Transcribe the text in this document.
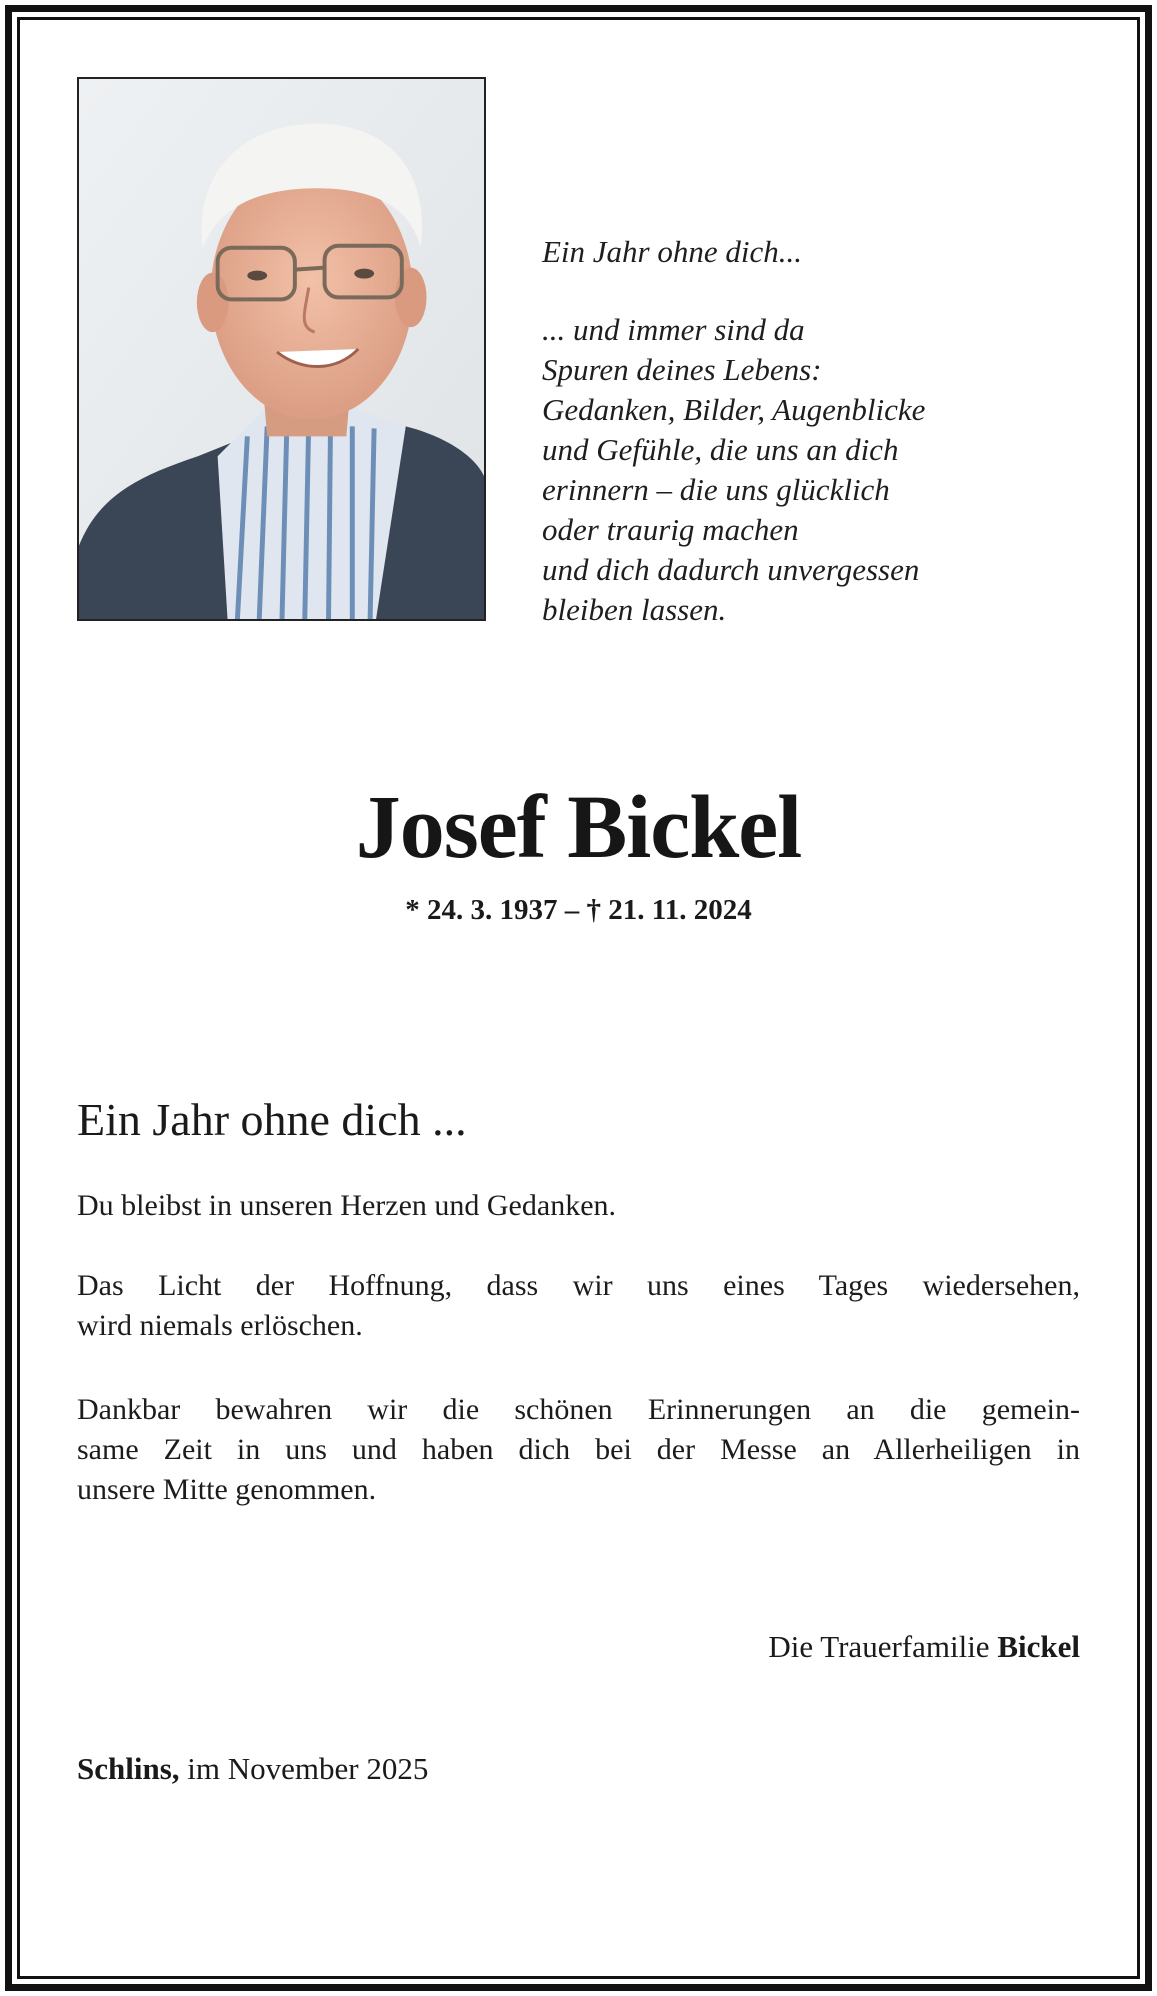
Ein Jahr ohne dich...
... und immer sind da
Spuren deines Lebens:
Gedanken, Bilder, Augenblicke
und Gefühle, die uns an dich
erinnern – die uns glücklich
oder traurig machen
und dich dadurch unvergessen
bleiben lassen.
Josef Bickel
* 24. 3. 1937 – † 21. 11. 2024
Ein Jahr ohne dich ...
Du bleibst in unseren Herzen und Gedanken.
Das Licht der Hoffnung, dass wir uns eines Tages wiedersehen,
wird niemals erlöschen.
Dankbar bewahren wir die schönen Erinnerungen an die gemein-
same Zeit in uns und haben dich bei der Messe an Allerheiligen in
unsere Mitte genommen.
Die Trauerfamilie Bickel
Schlins, im November 2025
